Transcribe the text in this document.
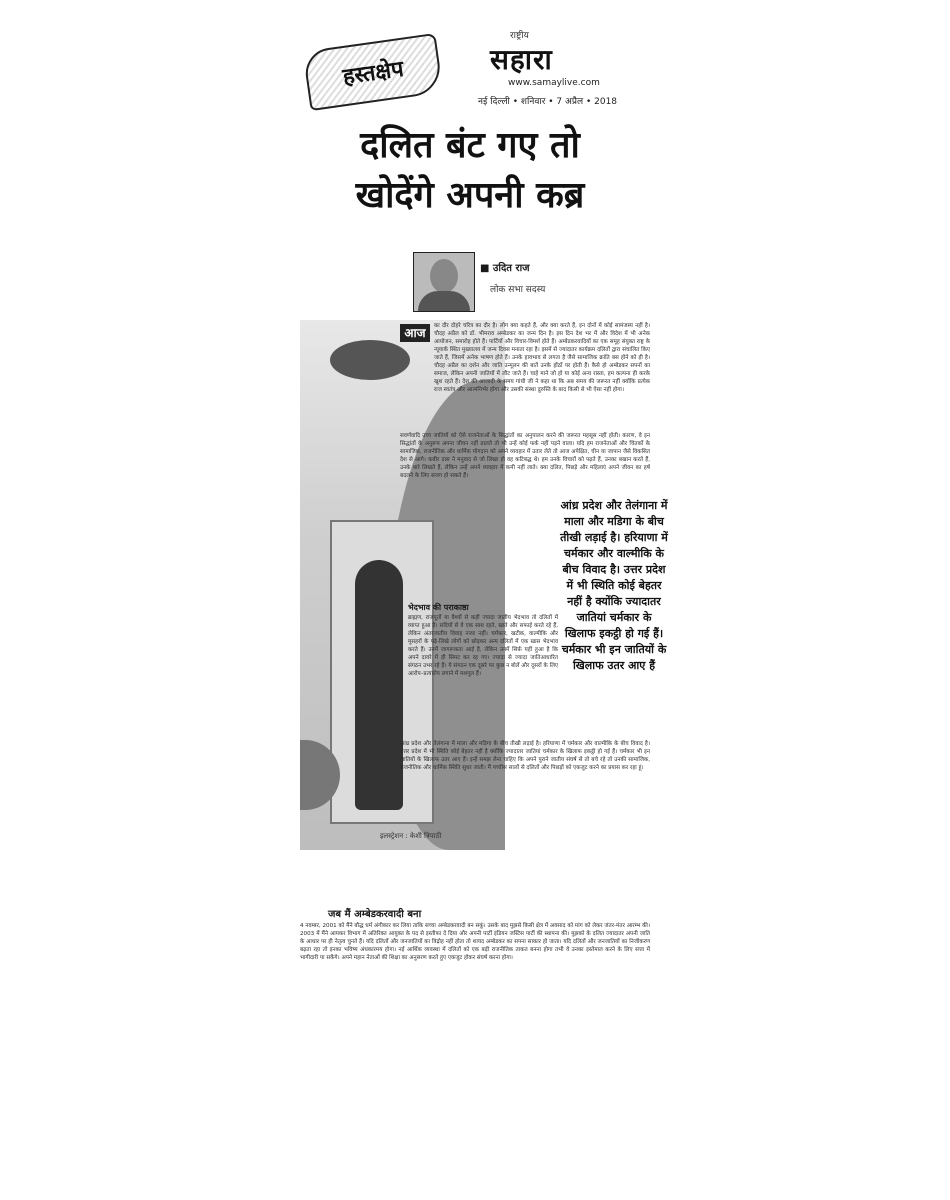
हस्तक्षेप
राष्ट्रीय
सहारा
www.samaylive.com
नई दिल्ली • शनिवार • 7 अप्रैल • 2018
दलित बंट गए तो
खोदेंगे अपनी कब्र
■ उदित राज
लोक सभा सदस्य
इलस्ट्रेशन : केशी त्रिपाठी
आज	का दौर दोहरे चरित्र का दौर है। लोग क्या कहते हैं, और क्या करते हैं, इन दोनों में कोई सामंजस्य नहीं है। चौदह अप्रैल को डॉ. भीमराव अम्बेडकर का जन्म दिन है। इस दिन देश भर में और विदेश में भी अनेक आयोजन, समारोह होते हैं। पार्टियों और विचार-विमर्श होते हैं। अम्बेडकरवादियों का एक समूह संयुक्त राष्ट्र के न्यूयार्क स्थित मुख्यालय में जन्म दिवस मनाता रहा है। इसमें से ज्यादातर कार्यक्रम दलितों द्वारा संचालित किए जाते हैं, जिसमें अनेक भाषण होते हैं। उनके हावभाव से लगता है जैसे सामाजिक क्रांति बस होने को ही है। चौदह अप्रैल का दर्शन और जाति उन्मूलन की बातें उनके होंठों पर होती हैं। कैसे हो अम्बेडकर सपनों का समाज, लेकिन अपनी जातियों में लौट जाते हैं। चाहे माने जो हो या कोई अन्य रास्ता, हम कल्पना ही करके खुश रहते हैं। देश की आजादी के समय गांधी जी ने कहा था कि अब समय की जरूरत नहीं क्योंकि प्रत्येक राज स्वतंत्र और आत्मनिर्भर होगा और उसकी संस्था दुरुस्ति के बाद किसी से भी ऐसा नहीं होगा।
सवर्णवादि उच्च जातियों को ऐसे राजनेताओं के सिद्धांतों का अनुपालन करने की जरूरत महसूस नहीं होती। कारण, वे इन सिद्धांतों के अनुरूप अपना जीवन नहीं ढालते तो भी उन्हें कोई फर्क नहीं पड़ने वाला। यदि हम राजनेताओं और चिंतकों के सामाजिक, राजनीतिक और धार्मिक योगदान को अपने व्यवहार में उतार लेते तो आज अपेक्षित, चीन या जापान जैसे विकसित देश से आगे। कबीर दास ने मनुवाद से जो लिखा हो वह कटिबद्ध थे। हम उनके विचारों को पढ़ते हैं, उनका बखान करते हैं, उनके बारे लिखते हैं, लेकिन उन्हें अपने व्यवहार में कमी नहीं लाते। क्या दलित, पिछड़े और महिलाएं अपने जीवन का हर्ष बदलने के लिए सजग हो सकते हैं।
भेदभाव की पराकाष्ठा
ब्राह्मण, राजपूतों या वैश्यों से कहीं ज्यादा जातीय भेदभाव तो दलितों में व्याप्त हुआ है। सदियों से वे एक साथ रहते, खाते और सफाई करते रहे हैं, लेकिन अंतरजातीय विवाह नजर नहीं। चर्मकार, खटीक, वाल्मीकि और मुसहरों के पढ़े-लिखे लोगों को छोड़कर अन्य दलितों में एक खास भेदभाव करते हैं। उनमें जागरूकता आई है, लेकिन उनमें सिर्फ़ यहीं हुआ है कि अपने दायरे में ही सिमट कर रह गए। ज्यादा से ज्यादा जातिआधारित संगठन उभर रहे हैं। ये संगठन एक दूसरे पर कुछ न बोलें और दूसरों के लिए आरोप–प्रत्यारोप लगाने में मशगूल हैं।
आंध्र प्रदेश और तेलंगाना में माला और मडिगा के बीच तीखी लड़ाई है। हरियाणा में चर्मकार और वाल्मीकि के बीच विवाद है। उत्तर प्रदेश में भी स्थिति कोई बेहतर नहीं है क्योंकि ज्यादातर जातियां चर्मकार के खिलाफ इकट्ठी हो गई हैं। चर्मकार भी इन जातियों के खिलाफ उतर आए हैं। इन्हें समझ लेना चाहिए कि अपने पुराने जातीय संघर्ष से तो बचे रहे तो उनकी सामाजिक, राजनीतिक और धार्मिक स्थिति सुधर जाती। मैं पच्चीस सालों से दलितों और पिछड़ों को एकजुट करने का प्रयास कर रहा हूं।
जब मैं अम्बेडकरवादी बना
4 नवम्बर, 2001 को मैंने बौद्ध धर्म अंगीकार कर लिया ताकि सच्चा अम्बेडकरवादी बन सकूं। उसके बाद मुझसे किसी क्षेत्र में अवसाद को मांग को लेकर जंतर-मंतर आरम्भ की। 2003 में मैंने आयकर विभाग में अतिरिक्त आयुक्त के पद से इस्तीफा दे दिया और अपनी पार्टी इंडियन जस्टिस पार्टी की स्थापना की। मुझको के दलित ज्यादातर अपनी जाति के आधार पर ही नेतृत्व चुनते हैं। यदि दलितों और जनजातियों का विद्रोह नहीं होता तो शायद अम्बेडकर का सपना साकार हो जाता। यदि दलितों और जनजातियों का निजीकरण बढ़ता रहा तो इनका भविष्य अंधकारमय होगा। नई आर्थिक व्यवस्था में दलितों को एक बड़ी राजनीतिक ताकत बनना होगा तभी वे उनका इस्तेमाल करने के लिए सत्ता में भागीदारी पा सकेंगे। अपने महान नेताओं की शिक्षा का अनुसरण करते हुए एकजुट होकर संघर्ष करना होगा।
आंध्र प्रदेश और तेलंगाना में माला और मडिगा के बीच तीखी लड़ाई है। हरियाणा में चर्मकार और वाल्मीकि के बीच विवाद है। उत्तर प्रदेश में भी स्थिति कोई बेहतर नहीं है क्योंकि ज्यादातर जातियां चर्मकार के खिलाफ इकट्ठी हो गई हैं। चर्मकार भी इन जातियों के खिलाफ उतर आए हैं
